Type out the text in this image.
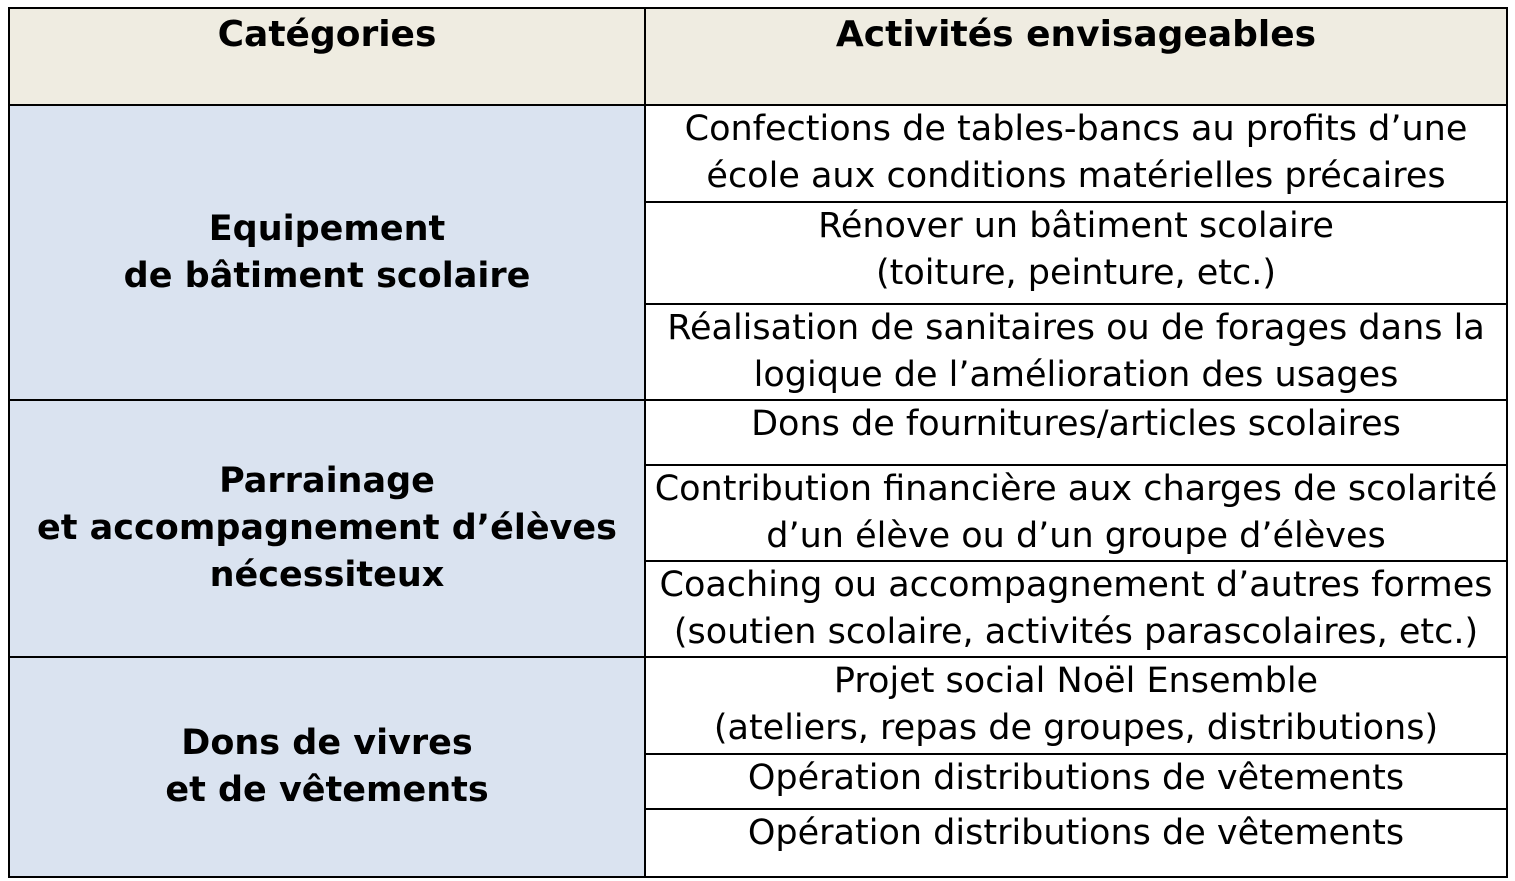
Catégories	Activités envisageables

Equipement
de bâtiment scolaire	Confections de tables-bancs au profits d’une
école aux conditions matérielles précaires

	Rénover un bâtiment scolaire
(toiture, peinture, etc.)

	Réalisation de sanitaires ou de forages dans la
logique de l’amélioration des usages

Parrainage
et accompagnement d’élèves
nécessiteux	Dons de fournitures/articles scolaires

	Contribution financière aux charges de scolarité
d’un élève ou d’un groupe d’élèves

	Coaching ou accompagnement d’autres formes
(soutien scolaire, activités parascolaires, etc.)

Dons de vivres
et de vêtements	Projet social Noël Ensemble
(ateliers, repas de groupes, distributions)

	Opération distributions de vêtements

	Opération distributions de vêtements
